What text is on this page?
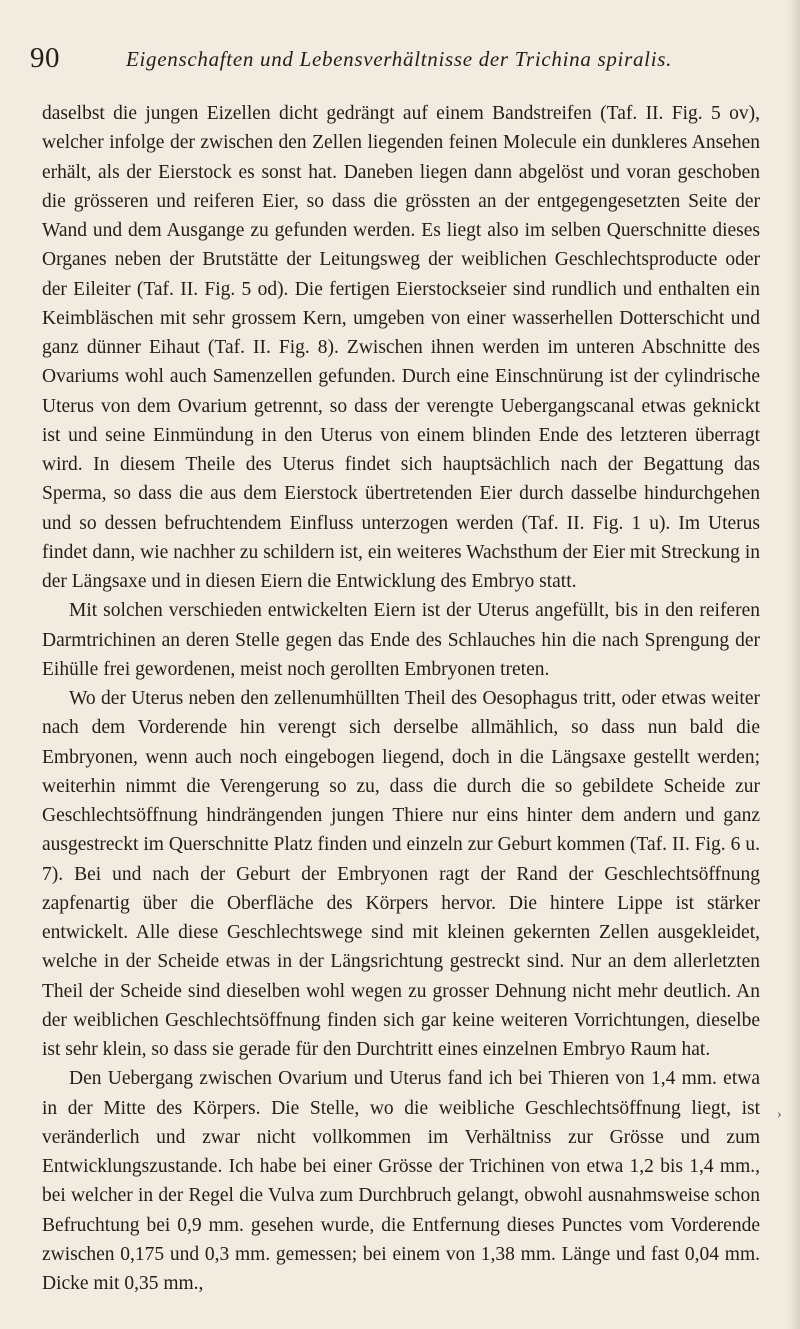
90	Eigenschaften und Lebensverhältnisse der Trichina spiralis.

daselbst die jungen Eizellen dicht gedrängt auf einem Bandstreifen (Taf. II. Fig. 5 ov), welcher infolge der zwischen den Zellen liegenden feinen Molecule ein dunkleres Ansehen erhält, als der Eierstock es sonst hat. Daneben liegen dann abgelöst und voran geschoben die grösseren und reiferen Eier, so dass die grössten an der entgegengesetzten Seite der Wand und dem Ausgange zu gefunden werden. Es liegt also im selben Querschnitte dieses Organes neben der Brutstätte der Leitungsweg der weiblichen Geschlechtsproducte oder der Eileiter (Taf. II. Fig. 5 od). Die fertigen Eierstockseier sind rundlich und enthalten ein Keimbläschen mit sehr grossem Kern, umgeben von einer wasserhellen Dotterschicht und ganz dünner Eihaut (Taf. II. Fig. 8). Zwischen ihnen werden im unteren Abschnitte des Ovariums wohl auch Samenzellen gefunden. Durch eine Einschnürung ist der cylindrische Uterus von dem Ovarium getrennt, so dass der verengte Uebergangscanal etwas geknickt ist und seine Einmündung in den Uterus von einem blinden Ende des letzteren überragt wird. In diesem Theile des Uterus findet sich hauptsächlich nach der Begattung das Sperma, so dass die aus dem Eierstock übertretenden Eier durch dasselbe hindurchgehen und so dessen befruchtendem Einfluss unterzogen werden (Taf. II. Fig. 1 u). Im Uterus findet dann, wie nachher zu schildern ist, ein weiteres Wachsthum der Eier mit Streckung in der Längsaxe und in diesen Eiern die Entwicklung des Embryo statt.

Mit solchen verschieden entwickelten Eiern ist der Uterus angefüllt, bis in den reiferen Darmtrichinen an deren Stelle gegen das Ende des Schlauches hin die nach Sprengung der Eihülle frei gewordenen, meist noch gerollten Embryonen treten.

Wo der Uterus neben den zellenumhüllten Theil des Oesophagus tritt, oder etwas weiter nach dem Vorderende hin verengt sich derselbe allmählich, so dass nun bald die Embryonen, wenn auch noch eingebogen liegend, doch in die Längsaxe gestellt werden; weiterhin nimmt die Verengerung so zu, dass die durch die so gebildete Scheide zur Geschlechtsöffnung hindrängenden jungen Thiere nur eins hinter dem andern und ganz ausgestreckt im Querschnitte Platz finden und einzeln zur Geburt kommen (Taf. II. Fig. 6 u. 7). Bei und nach der Geburt der Embryonen ragt der Rand der Geschlechtsöffnung zapfenartig über die Oberfläche des Körpers hervor. Die hintere Lippe ist stärker entwickelt. Alle diese Geschlechtswege sind mit kleinen gekernten Zellen ausgekleidet, welche in der Scheide etwas in der Längsrichtung gestreckt sind. Nur an dem allerletzten Theil der Scheide sind dieselben wohl wegen zu grosser Dehnung nicht mehr deutlich. An der weiblichen Geschlechtsöffnung finden sich gar keine weiteren Vorrichtungen, dieselbe ist sehr klein, so dass sie gerade für den Durchtritt eines einzelnen Embryo Raum hat.

Den Uebergang zwischen Ovarium und Uterus fand ich bei Thieren von 1,4 mm. etwa in der Mitte des Körpers. Die Stelle, wo die weibliche Geschlechtsöffnung liegt, ist veränderlich und zwar nicht vollkommen im Verhältniss zur Grösse und zum Entwicklungszustande. Ich habe bei einer Grösse der Trichinen von etwa 1,2 bis 1,4 mm., bei welcher in der Regel die Vulva zum Durchbruch gelangt, obwohl ausnahmsweise schon Befruchtung bei 0,9 mm. gesehen wurde, die Entfernung dieses Punctes vom Vorderende zwischen 0,175 und 0,3 mm. gemessen; bei einem von 1,38 mm. Länge und fast 0,04 mm. Dicke mit 0,35 mm.,

›
